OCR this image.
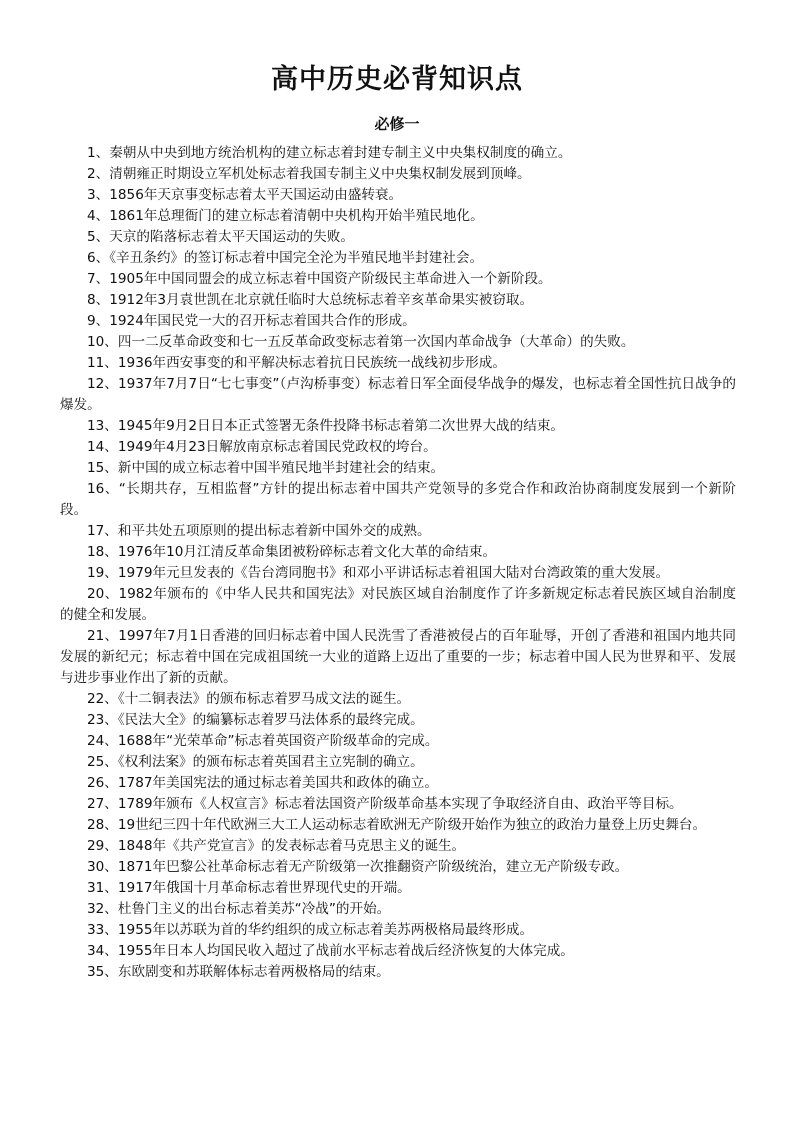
高中历史必背知识点
必修一

1、秦朝从中央到地方统治机构的建立标志着封建专制主义中央集权制度的确立。

2、清朝雍正时期设立军机处标志着我国专制主义中央集权制发展到顶峰。

3、1856年天京事变标志着太平天国运动由盛转衰。

4、1861年总理衙门的建立标志着清朝中央机构开始半殖民地化。

5、天京的陷落标志着太平天国运动的失败。

6、《辛丑条约》的签订标志着中国完全沦为半殖民地半封建社会。

7、1905年中国同盟会的成立标志着中国资产阶级民主革命进入一个新阶段。

8、1912年3月袁世凯在北京就任临时大总统标志着辛亥革命果实被窃取。

9、1924年国民党一大的召开标志着国共合作的形成。

10、四一二反革命政变和七一五反革命政变标志着第一次国内革命战争（大革命）的失败。

11、1936年西安事变的和平解决标志着抗日民族统一战线初步形成。

12、1937年7月7日“七七事变”（卢沟桥事变）标志着日军全面侵华战争的爆发，也标志着全国性抗日战争的爆发。

13、1945年9月2日日本正式签署无条件投降书标志着第二次世界大战的结束。

14、1949年4月23日解放南京标志着国民党政权的垮台。

15、新中国的成立标志着中国半殖民地半封建社会的结束。

16、“长期共存，互相监督”方针的提出标志着中国共产党领导的多党合作和政治协商制度发展到一个新阶段。

17、和平共处五项原则的提出标志着新中国外交的成熟。

18、1976年10月江清反革命集团被粉碎标志着文化大革的命结束。

19、1979年元旦发表的《告台湾同胞书》和邓小平讲话标志着祖国大陆对台湾政策的重大发展。

20、1982年颁布的《中华人民共和国宪法》对民族区域自治制度作了许多新规定标志着民族区域自治制度的健全和发展。

21、1997年7月1日香港的回归标志着中国人民洗雪了香港被侵占的百年耻辱，开创了香港和祖国内地共同发展的新纪元；标志着中国在完成祖国统一大业的道路上迈出了重要的一步；标志着中国人民为世界和平、发展与进步事业作出了新的贡献。

22、《十二铜表法》的颁布标志着罗马成文法的诞生。

23、《民法大全》的编纂标志着罗马法体系的最终完成。

24、1688年“光荣革命”标志着英国资产阶级革命的完成。

25、《权利法案》的颁布标志着英国君主立宪制的确立。

26、1787年美国宪法的通过标志着美国共和政体的确立。

27、1789年颁布《人权宣言》标志着法国资产阶级革命基本实现了争取经济自由、政治平等目标。

28、19世纪三四十年代欧洲三大工人运动标志着欧洲无产阶级开始作为独立的政治力量登上历史舞台。

29、1848年《共产党宣言》的发表标志着马克思主义的诞生。

30、1871年巴黎公社革命标志着无产阶级第一次推翻资产阶级统治，建立无产阶级专政。

31、1917年俄国十月革命标志着世界现代史的开端。

32、杜鲁门主义的出台标志着美苏“冷战”的开始。

33、1955年以苏联为首的华约组织的成立标志着美苏两极格局最终形成。

34、1955年日本人均国民收入超过了战前水平标志着战后经济恢复的大体完成。

35、东欧剧变和苏联解体标志着两极格局的结束。
